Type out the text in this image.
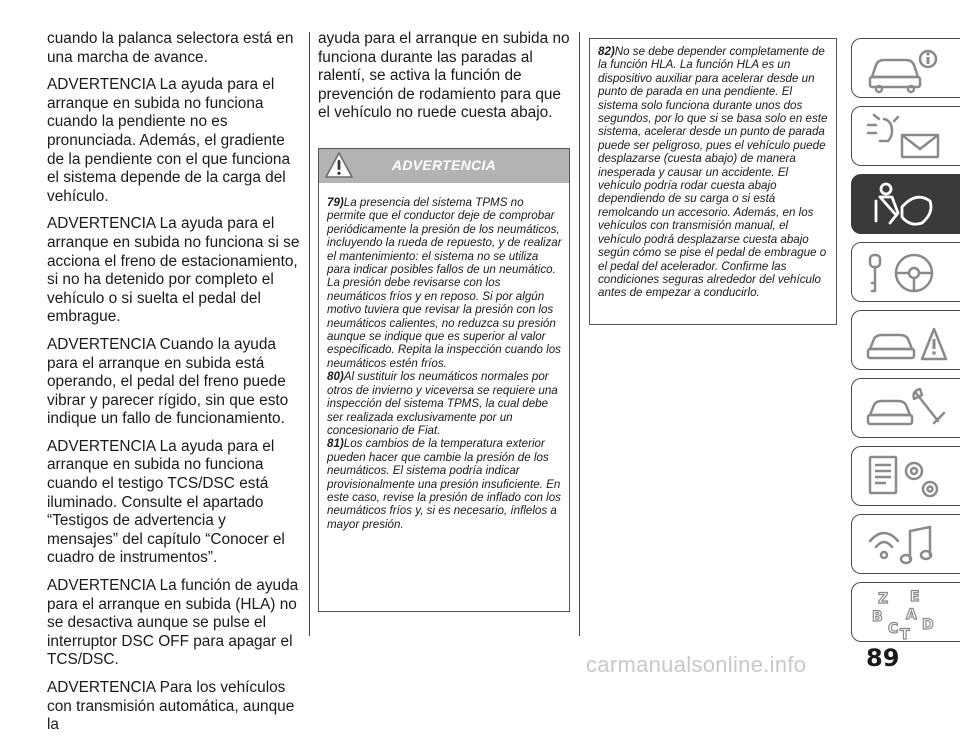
cuando la palanca selectora está en una marcha de avance.

ADVERTENCIA La ayuda para el arranque en subida no funciona cuando la pendiente no es pronunciada. Además, el gradiente de la pendiente con el que funciona el sistema depende de la carga del vehículo.

ADVERTENCIA La ayuda para el arranque en subida no funciona si se acciona el freno de estacionamiento, si no ha detenido por completo el vehículo o si suelta el pedal del embrague.

ADVERTENCIA Cuando la ayuda para el arranque en subida está operando, el pedal del freno puede vibrar y parecer rígido, sin que esto indique un fallo de funcionamiento.

ADVERTENCIA La ayuda para el arranque en subida no funciona cuando el testigo TCS/DSC está iluminado. Consulte el apartado “Testigos de advertencia y mensajes” del capítulo “Conocer el cuadro de instrumentos”.

ADVERTENCIA La función de ayuda para el arranque en subida (HLA) no se desactiva aunque se pulse el interruptor DSC OFF para apagar el TCS/DSC.

ADVERTENCIA Para los vehículos con transmisión automática, aunque la

ayuda para el arranque en subida no funciona durante las paradas al ralentí, se activa la función de prevención de rodamiento para que el vehículo no ruede cuesta abajo.

ADVERTENCIA

79)La presencia del sistema TPMS no permite que el conductor deje de comprobar periódicamente la presión de los neumáticos, incluyendo la rueda de repuesto, y de realizar el mantenimiento: el sistema no se utiliza para indicar posibles fallos de un neumático. La presión debe revisarse con los neumáticos fríos y en reposo. Si por algún motivo tuviera que revisar la presión con los neumáticos calientes, no reduzca su presión aunque se indique que es superior al valor especificado. Repita la inspección cuando los neumáticos estén fríos.

80)Al sustituir los neumáticos normales por otros de invierno y viceversa se requiere una inspección del sistema TPMS, la cual debe ser realizada exclusivamente por un concesionario de Fiat.

81)Los cambios de la temperatura exterior pueden hacer que cambie la presión de los neumáticos. El sistema podría indicar provisionalmente una presión insuficiente. En este caso, revise la presión de inflado con los neumáticos fríos y, si es necesario, ínflelos a mayor presión.

82)No se debe depender completamente de la función HLA. La función HLA es un dispositivo auxiliar para acelerar desde un punto de parada en una pendiente. El sistema solo funciona durante unos dos segundos, por lo que si se basa solo en este sistema, acelerar desde un punto de parada puede ser peligroso, pues el vehículo puede desplazarse (cuesta abajo) de manera inesperada y causar un accidente. El vehículo podría rodar cuesta abajo dependiendo de su carga o si está remolcando un accesorio. Además, en los vehículos con transmisión manual, el vehículo podrá desplazarse cuesta abajo según cómo se pise el pedal de embrague o el pedal del acelerador. Confirme las condiciones seguras alrededor del vehículo antes de empezar a conducirlo.

Z E
B A
C D
T
89
carmanualsonline.info
